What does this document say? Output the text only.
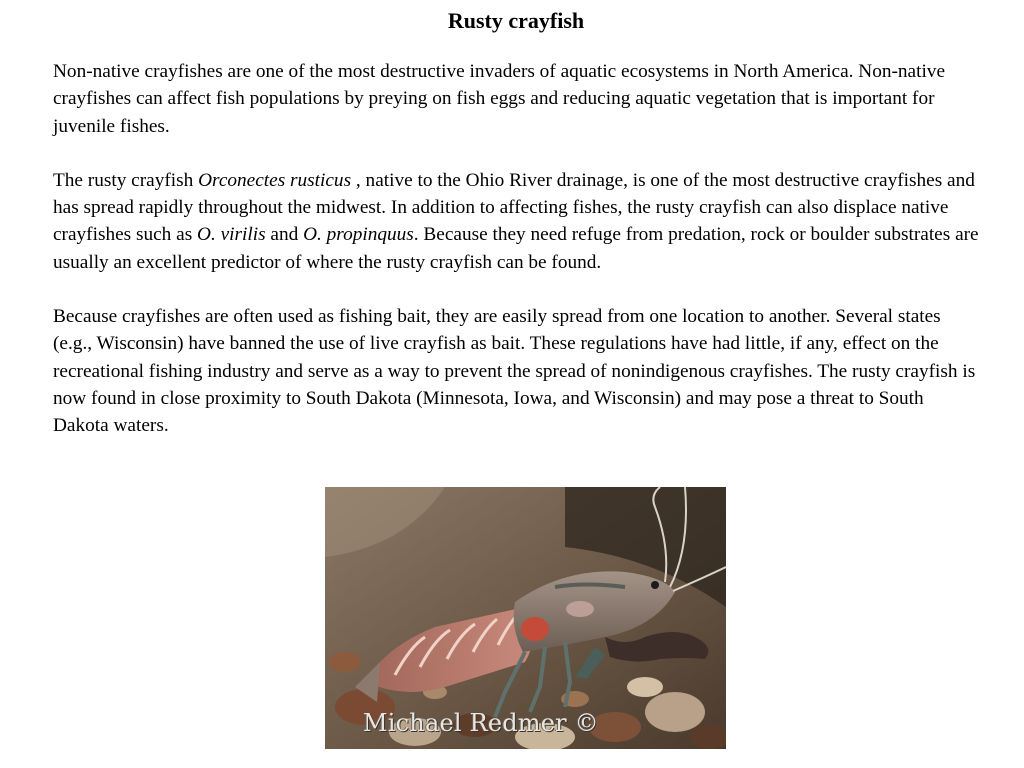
Rusty crayfish

Non-native crayfishes are one of the most destructive invaders of aquatic ecosystems in North America. Non-native crayfishes can affect fish populations by preying on fish eggs and reducing aquatic vegetation that is important for juvenile fishes.

The rusty crayfish Orconectes rusticus , native to the Ohio River drainage, is one of the most destructive crayfishes and has spread rapidly throughout the midwest. In addition to affecting fishes, the rusty crayfish can also displace native crayfishes such as O. virilis and O. propinquus. Because they need refuge from predation, rock or boulder substrates are usually an excellent predictor of where the rusty crayfish can be found.

Because crayfishes are often used as fishing bait, they are easily spread from one location to another. Several states (e.g., Wisconsin) have banned the use of live crayfish as bait. These regulations have had little, if any, effect on the recreational fishing industry and serve as a way to prevent the spread of nonindigenous crayfishes. The rusty crayfish is now found in close proximity to South Dakota (Minnesota, Iowa, and Wisconsin) and may pose a threat to South Dakota waters.

Michael Redmer ©
